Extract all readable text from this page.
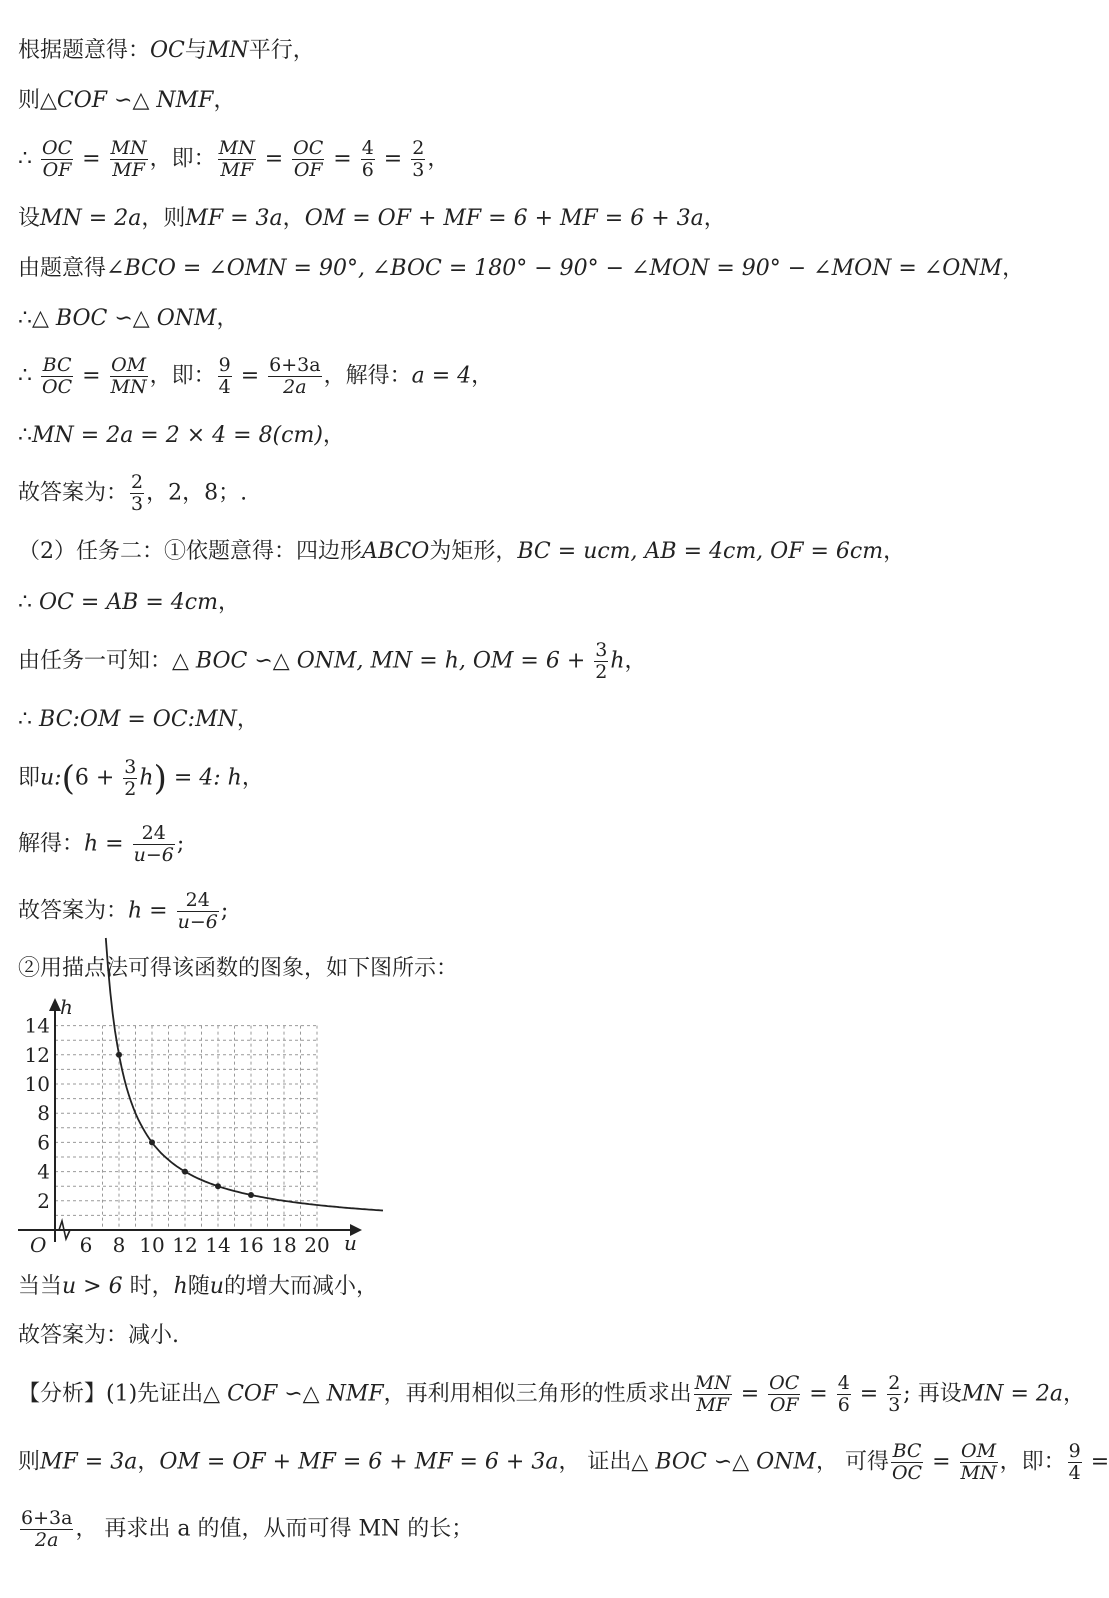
根据题意得：OC与MN平行，
则△COF ∽△ NMF，
∴ $\frac{OC}{OF} = \frac{MN}{MF}$ ，即： $\frac{MN}{MF} = \frac{OC}{OF} = \frac{4}{6} = \frac{2}{3}$ ，
设MN = 2a，则MF = 3a，OM = OF + MF = 6 + MF = 6 + 3a，
由题意得∠BCO = ∠OMN = 90°, ∠BOC = 180° − 90° − ∠MON = 90° − ∠MON = ∠ONM，
∴△ BOC ∽△ ONM，
∴ $\frac{BC}{OC} = \frac{OM}{MN}$ ，即： $\frac{9}{4} = \frac{6+3a}{2a}$ ，解得：a = 4，
∴MN = 2a = 2 × 4 = 8(cm)，
故答案为： $\frac{2}{3}$ ，2，8；.
（2）任务二：①依题意得：四边形ABCO为矩形，BC = ucm, AB = 4cm, OF = 6cm，
∴ OC = AB = 4cm，
由任务一可知：△ BOC ∽△ ONM, MN = h, OM = $6 + \frac{3}{2}$ h，
∴ BC:OM = OC:MN，
即u:(6 + $\frac{3}{2} h) = 4$: h，
解得：$h = \frac{24}{u-6}$ ;
故答案为：$h = \frac{24}{u-6}$ ;
②用描点法可得该函数的图象，如下图所示：
6 8 10 12 14 16 18 20
2
4
6
8
10
12
14
O	u
h
当当u > 6 时，h随u的增大而减小，
故答案为：减小.
【分析】(1)先证出△ COF ∽△ NMF，再利用相似三角形的性质求出 $\frac{MN}{MF} = \frac{OC}{OF} = \frac{4}{6} = \frac{2}{3}$ ; 再设MN = 2a，
则MF = 3a，OM = OF + MF = 6 + MF = 6 + 3a， 证出△ BOC ∽△ ONM， 可得 $\frac{BC}{OC} = \frac{OM}{MN}$ ，即： $\frac{9}{4}$ =
$\frac{6+3a}{2a}$ ， 再求出 a 的值，从而可得 MN 的长；
